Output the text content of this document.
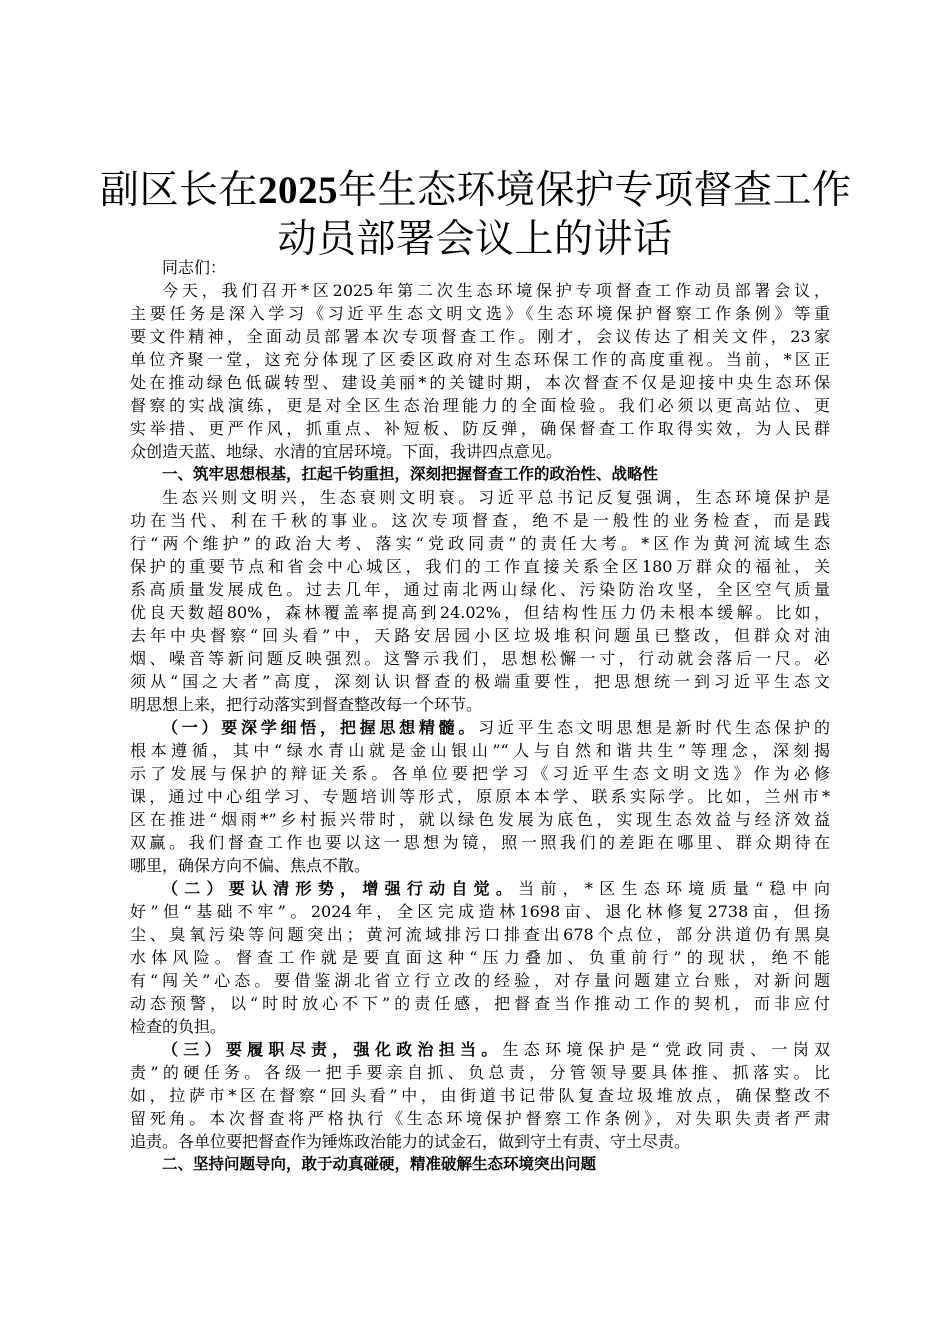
副区长在2025年生态环境保护专项督查工作
动员部署会议上的讲话
同志们：
今天，我们召开*区2025年第二次生态环境保护专项督查工作动员部署会议，
主要任务是深入学习《习近平生态文明文选》《生态环境保护督察工作条例》等重
要文件精神，全面动员部署本次专项督查工作。刚才，会议传达了相关文件，23家
单位齐聚一堂，这充分体现了区委区政府对生态环保工作的高度重视。当前，*区正
处在推动绿色低碳转型、建设美丽*的关键时期，本次督查不仅是迎接中央生态环保
督察的实战演练，更是对全区生态治理能力的全面检验。我们必须以更高站位、更
实举措、更严作风，抓重点、补短板、防反弹，确保督查工作取得实效，为人民群
众创造天蓝、地绿、水清的宜居环境。下面，我讲四点意见。
一、筑牢思想根基，扛起千钧重担，深刻把握督查工作的政治性、战略性
生态兴则文明兴，生态衰则文明衰。习近平总书记反复强调，生态环境保护是
功在当代、利在千秋的事业。这次专项督查，绝不是一般性的业务检查，而是践
行“两个维护”的政治大考、落实“党政同责”的责任大考。*区作为黄河流域生态
保护的重要节点和省会中心城区，我们的工作直接关系全区180万群众的福祉，关
系高质量发展成色。过去几年，通过南北两山绿化、污染防治攻坚，全区空气质量
优良天数超80%，森林覆盖率提高到24.02%，但结构性压力仍未根本缓解。比如，
去年中央督察“回头看”中，天路安居园小区垃圾堆积问题虽已整改，但群众对油
烟、噪音等新问题反映强烈。这警示我们，思想松懈一寸，行动就会落后一尺。必
须从“国之大者”高度，深刻认识督查的极端重要性，把思想统一到习近平生态文
明思想上来，把行动落实到督查整改每一个环节。
（一）要深学细悟，把握思想精髓。习近平生态文明思想是新时代生态保护的
根本遵循，其中“绿水青山就是金山银山”“人与自然和谐共生”等理念，深刻揭
示了发展与保护的辩证关系。各单位要把学习《习近平生态文明文选》作为必修
课，通过中心组学习、专题培训等形式，原原本本学、联系实际学。比如，兰州市*
区在推进“烟雨*”乡村振兴带时，就以绿色发展为底色，实现生态效益与经济效益
双赢。我们督查工作也要以这一思想为镜，照一照我们的差距在哪里、群众期待在
哪里，确保方向不偏、焦点不散。
（二）要认清形势，增强行动自觉。当前，*区生态环境质量“稳中向
好”但“基础不牢”。2024年，全区完成造林1698亩、退化林修复2738亩，但扬
尘、臭氧污染等问题突出；黄河流域排污口排查出678个点位，部分洪道仍有黑臭
水体风险。督查工作就是要直面这种“压力叠加、负重前行”的现状，绝不能
有“闯关”心态。要借鉴湖北省立行立改的经验，对存量问题建立台账，对新问题
动态预警，以“时时放心不下”的责任感，把督查当作推动工作的契机，而非应付
检查的负担。
（三）要履职尽责，强化政治担当。生态环境保护是“党政同责、一岗双
责”的硬任务。各级一把手要亲自抓、负总责，分管领导要具体推、抓落实。比
如，拉萨市*区在督察“回头看”中，由街道书记带队复查垃圾堆放点，确保整改不
留死角。本次督查将严格执行《生态环境保护督察工作条例》，对失职失责者严肃
追责。各单位要把督查作为锤炼政治能力的试金石，做到守土有责、守土尽责。
二、坚持问题导向，敢于动真碰硬，精准破解生态环境突出问题
